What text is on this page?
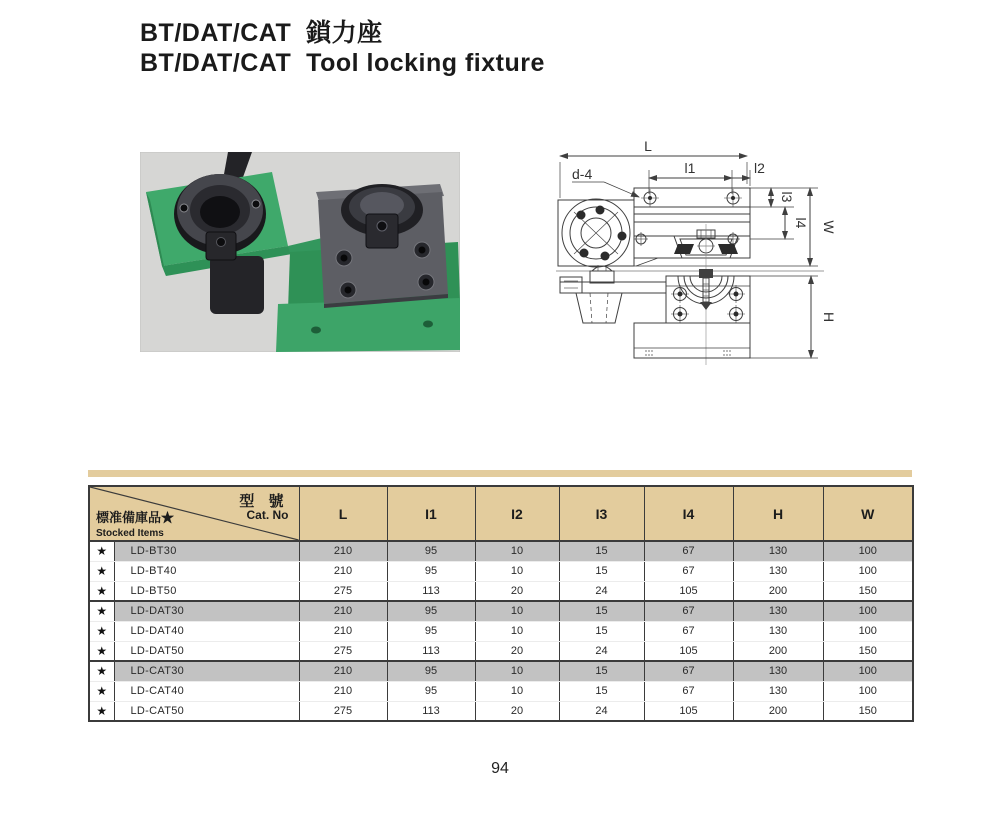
BT/DAT/CAT  鎖力座
BT/DAT/CAT  Tool locking fixture
L
l1	l2
d-4
l3
l4 W
H
型 號
Cat. No
標准備庫品★
Stocked Items		L	I1	I2	I3	I4	H	W
★	LD-BT30	210	95	10	15	67	130	100
★	LD-BT40	210	95	10	15	67	130	100
★	LD-BT50	275	113	20	24	105	200	150
★	LD-DAT30	210	95	10	15	67	130	100
★	LD-DAT40	210	95	10	15	67	130	100
★	LD-DAT50	275	113	20	24	105	200	150
★	LD-CAT30	210	95	10	15	67	130	100
★	LD-CAT40	210	95	10	15	67	130	100
★	LD-CAT50	275	113	20	24	105	200	150
94
